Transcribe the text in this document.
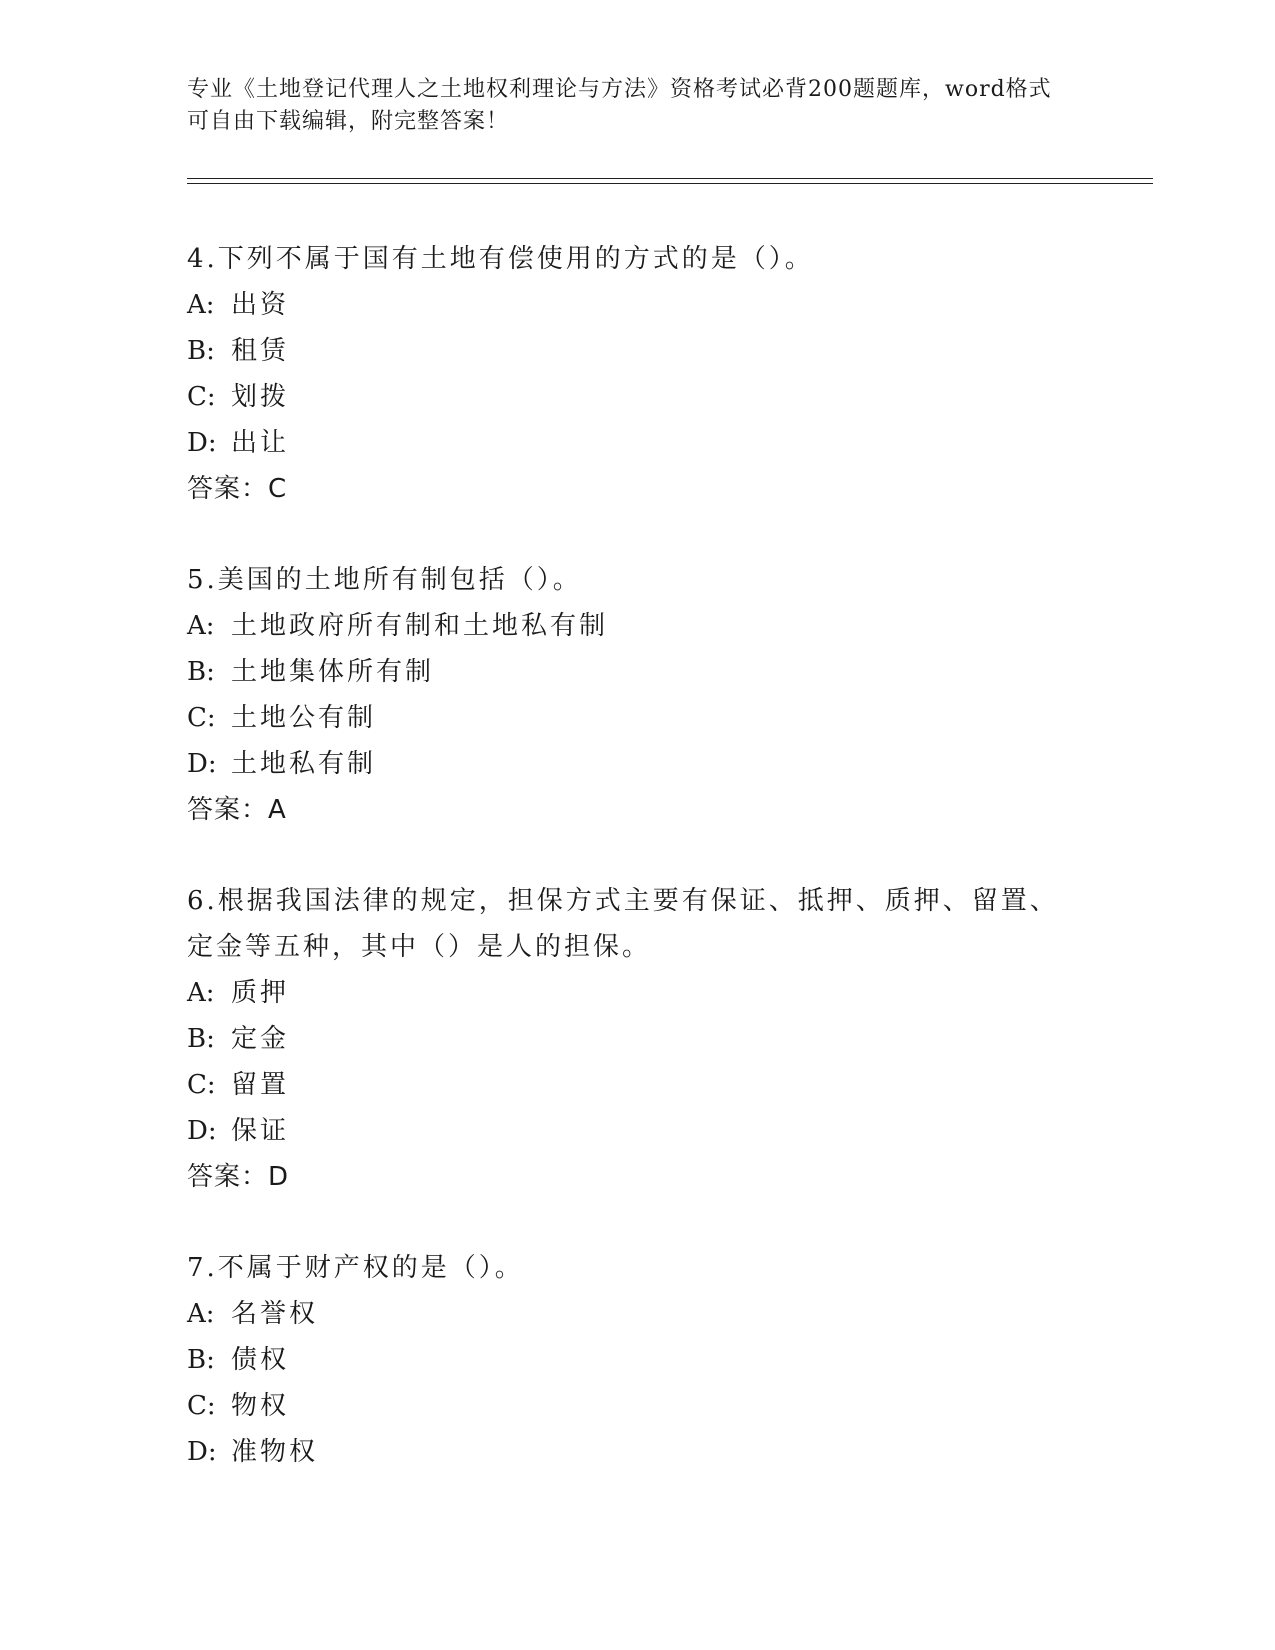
专业《土地登记代理人之土地权利理论与方法》资格考试必背200题题库，word格式可自由下载编辑，附完整答案！
4.下列不属于国有土地有偿使用的方式的是（）。
A: 出资
B: 租赁
C: 划拨
D: 出让
答案：C
5.美国的土地所有制包括（）。
A: 土地政府所有制和土地私有制
B: 土地集体所有制
C: 土地公有制
D: 土地私有制
答案：A
6.根据我国法律的规定，担保方式主要有保证、抵押、质押、留置、定金等五种，其中（）是人的担保。
A: 质押
B: 定金
C: 留置
D: 保证
答案：D
7.不属于财产权的是（）。
A: 名誉权
B: 债权
C: 物权
D: 准物权
